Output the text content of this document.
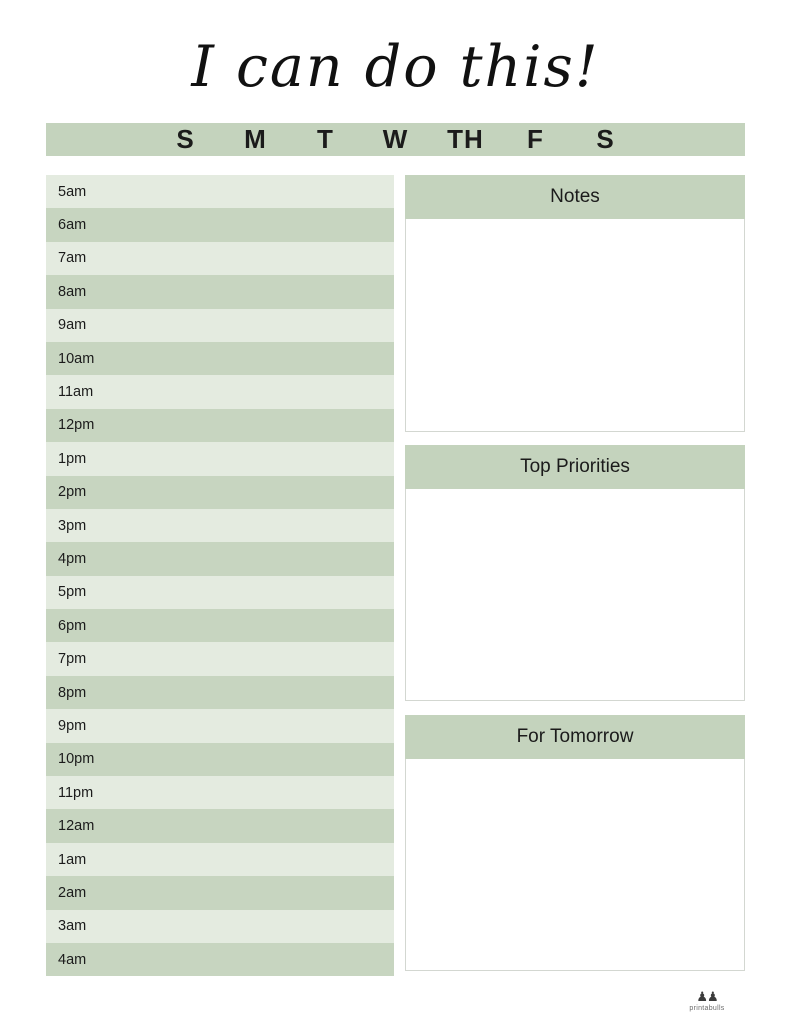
I can do this!
S	M	T	W	TH	F	S
5am
6am
7am
8am
9am
10am
11am
12pm
1pm
2pm
3pm
4pm
5pm
6pm
7pm
8pm
9pm
10pm
11pm
12am
1am
2am
3am
4am
Notes
Top Priorities
For Tomorrow
♟♟
printabulls
